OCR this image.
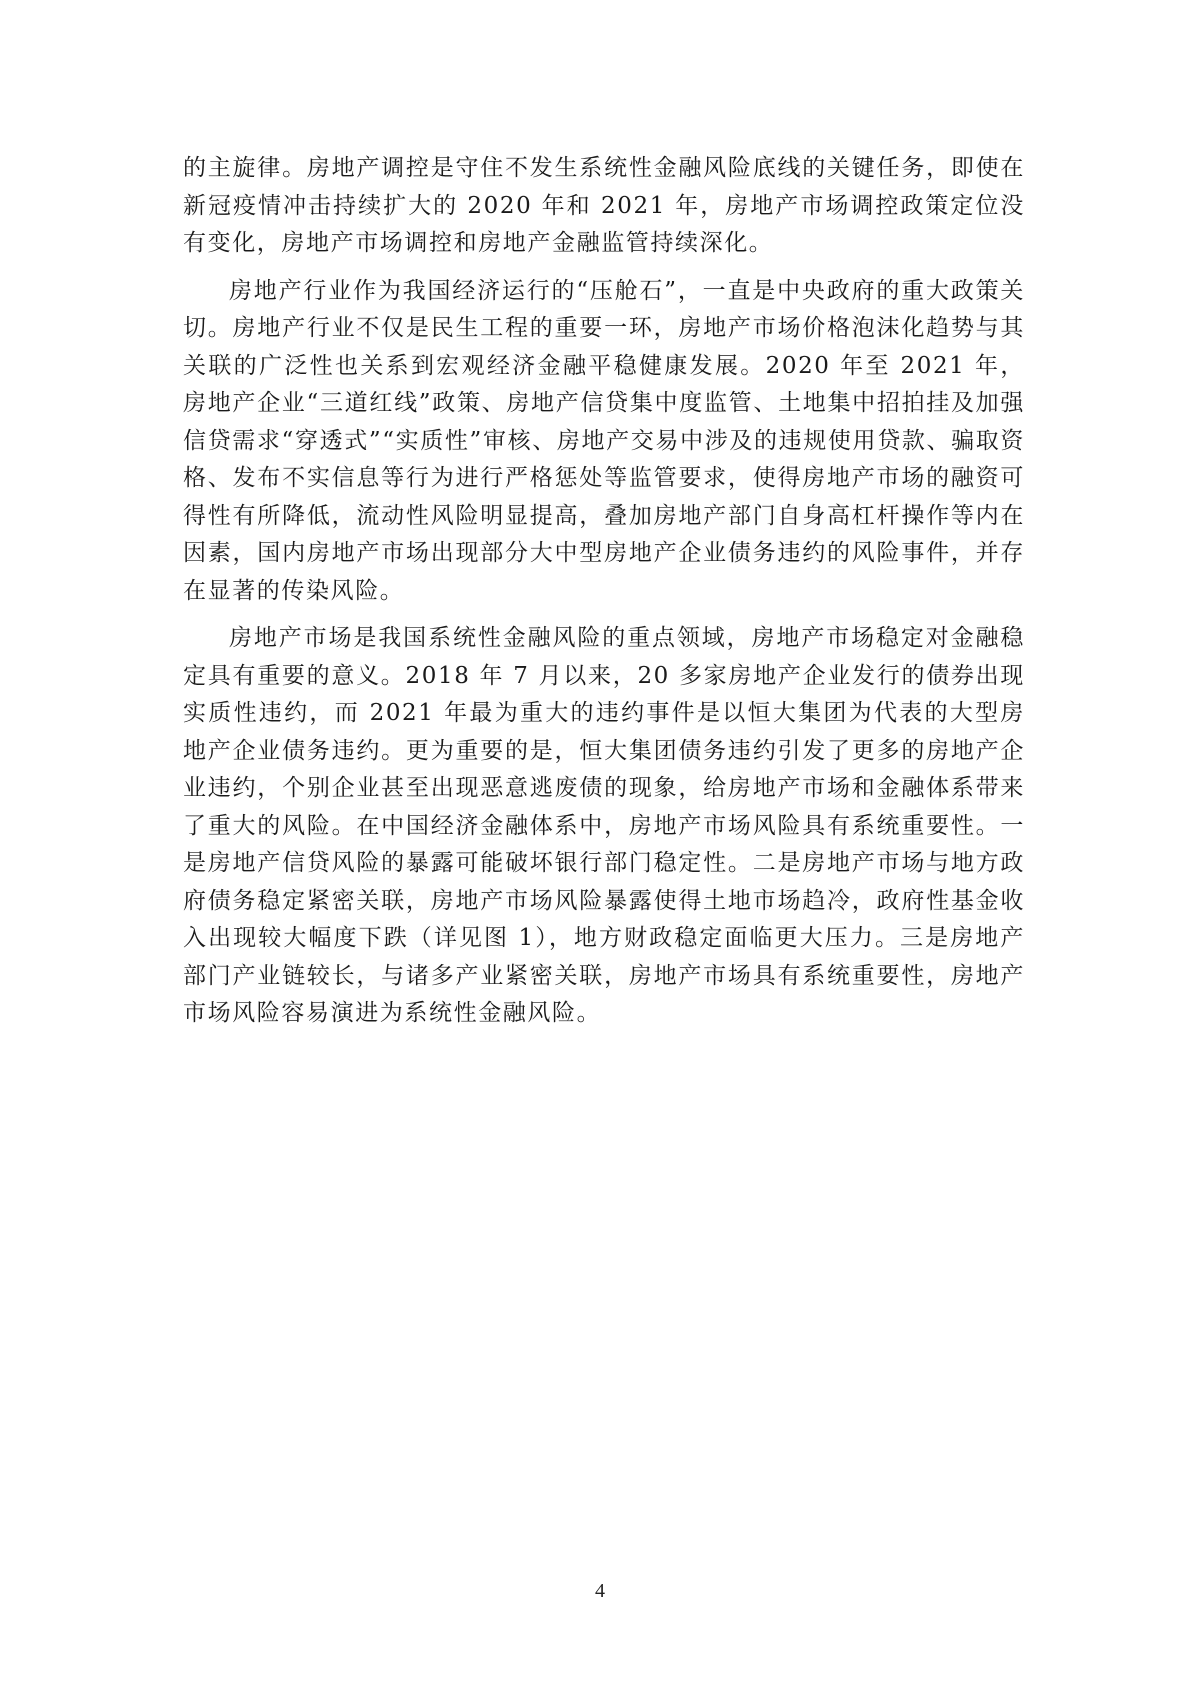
的主旋律。房地产调控是守住不发生系统性金融风险底线的关键任务，即使在新冠疫情冲击持续扩大的 2020 年和 2021 年，房地产市场调控政策定位没有变化，房地产市场调控和房地产金融监管持续深化。

房地产行业作为我国经济运行的“压舱石”，一直是中央政府的重大政策关切。房地产行业不仅是民生工程的重要一环，房地产市场价格泡沫化趋势与其关联的广泛性也关系到宏观经济金融平稳健康发展。2020 年至 2021 年，房地产企业“三道红线”政策、房地产信贷集中度监管、土地集中招拍挂及加强信贷需求“穿透式”“实质性”审核、房地产交易中涉及的违规使用贷款、骗取资格、发布不实信息等行为进行严格惩处等监管要求，使得房地产市场的融资可得性有所降低，流动性风险明显提高，叠加房地产部门自身高杠杆操作等内在因素，国内房地产市场出现部分大中型房地产企业债务违约的风险事件，并存在显著的传染风险。

房地产市场是我国系统性金融风险的重点领域，房地产市场稳定对金融稳定具有重要的意义。2018 年 7 月以来，20 多家房地产企业发行的债券出现实质性违约，而 2021 年最为重大的违约事件是以恒大集团为代表的大型房地产企业债务违约。更为重要的是，恒大集团债务违约引发了更多的房地产企业违约，个别企业甚至出现恶意逃废债的现象，给房地产市场和金融体系带来了重大的风险。在中国经济金融体系中，房地产市场风险具有系统重要性。一是房地产信贷风险的暴露可能破坏银行部门稳定性。二是房地产市场与地方政府债务稳定紧密关联，房地产市场风险暴露使得土地市场趋冷，政府性基金收入出现较大幅度下跌（详见图 1），地方财政稳定面临更大压力。三是房地产部门产业链较长，与诸多产业紧密关联，房地产市场具有系统重要性，房地产市场风险容易演进为系统性金融风险。

4
